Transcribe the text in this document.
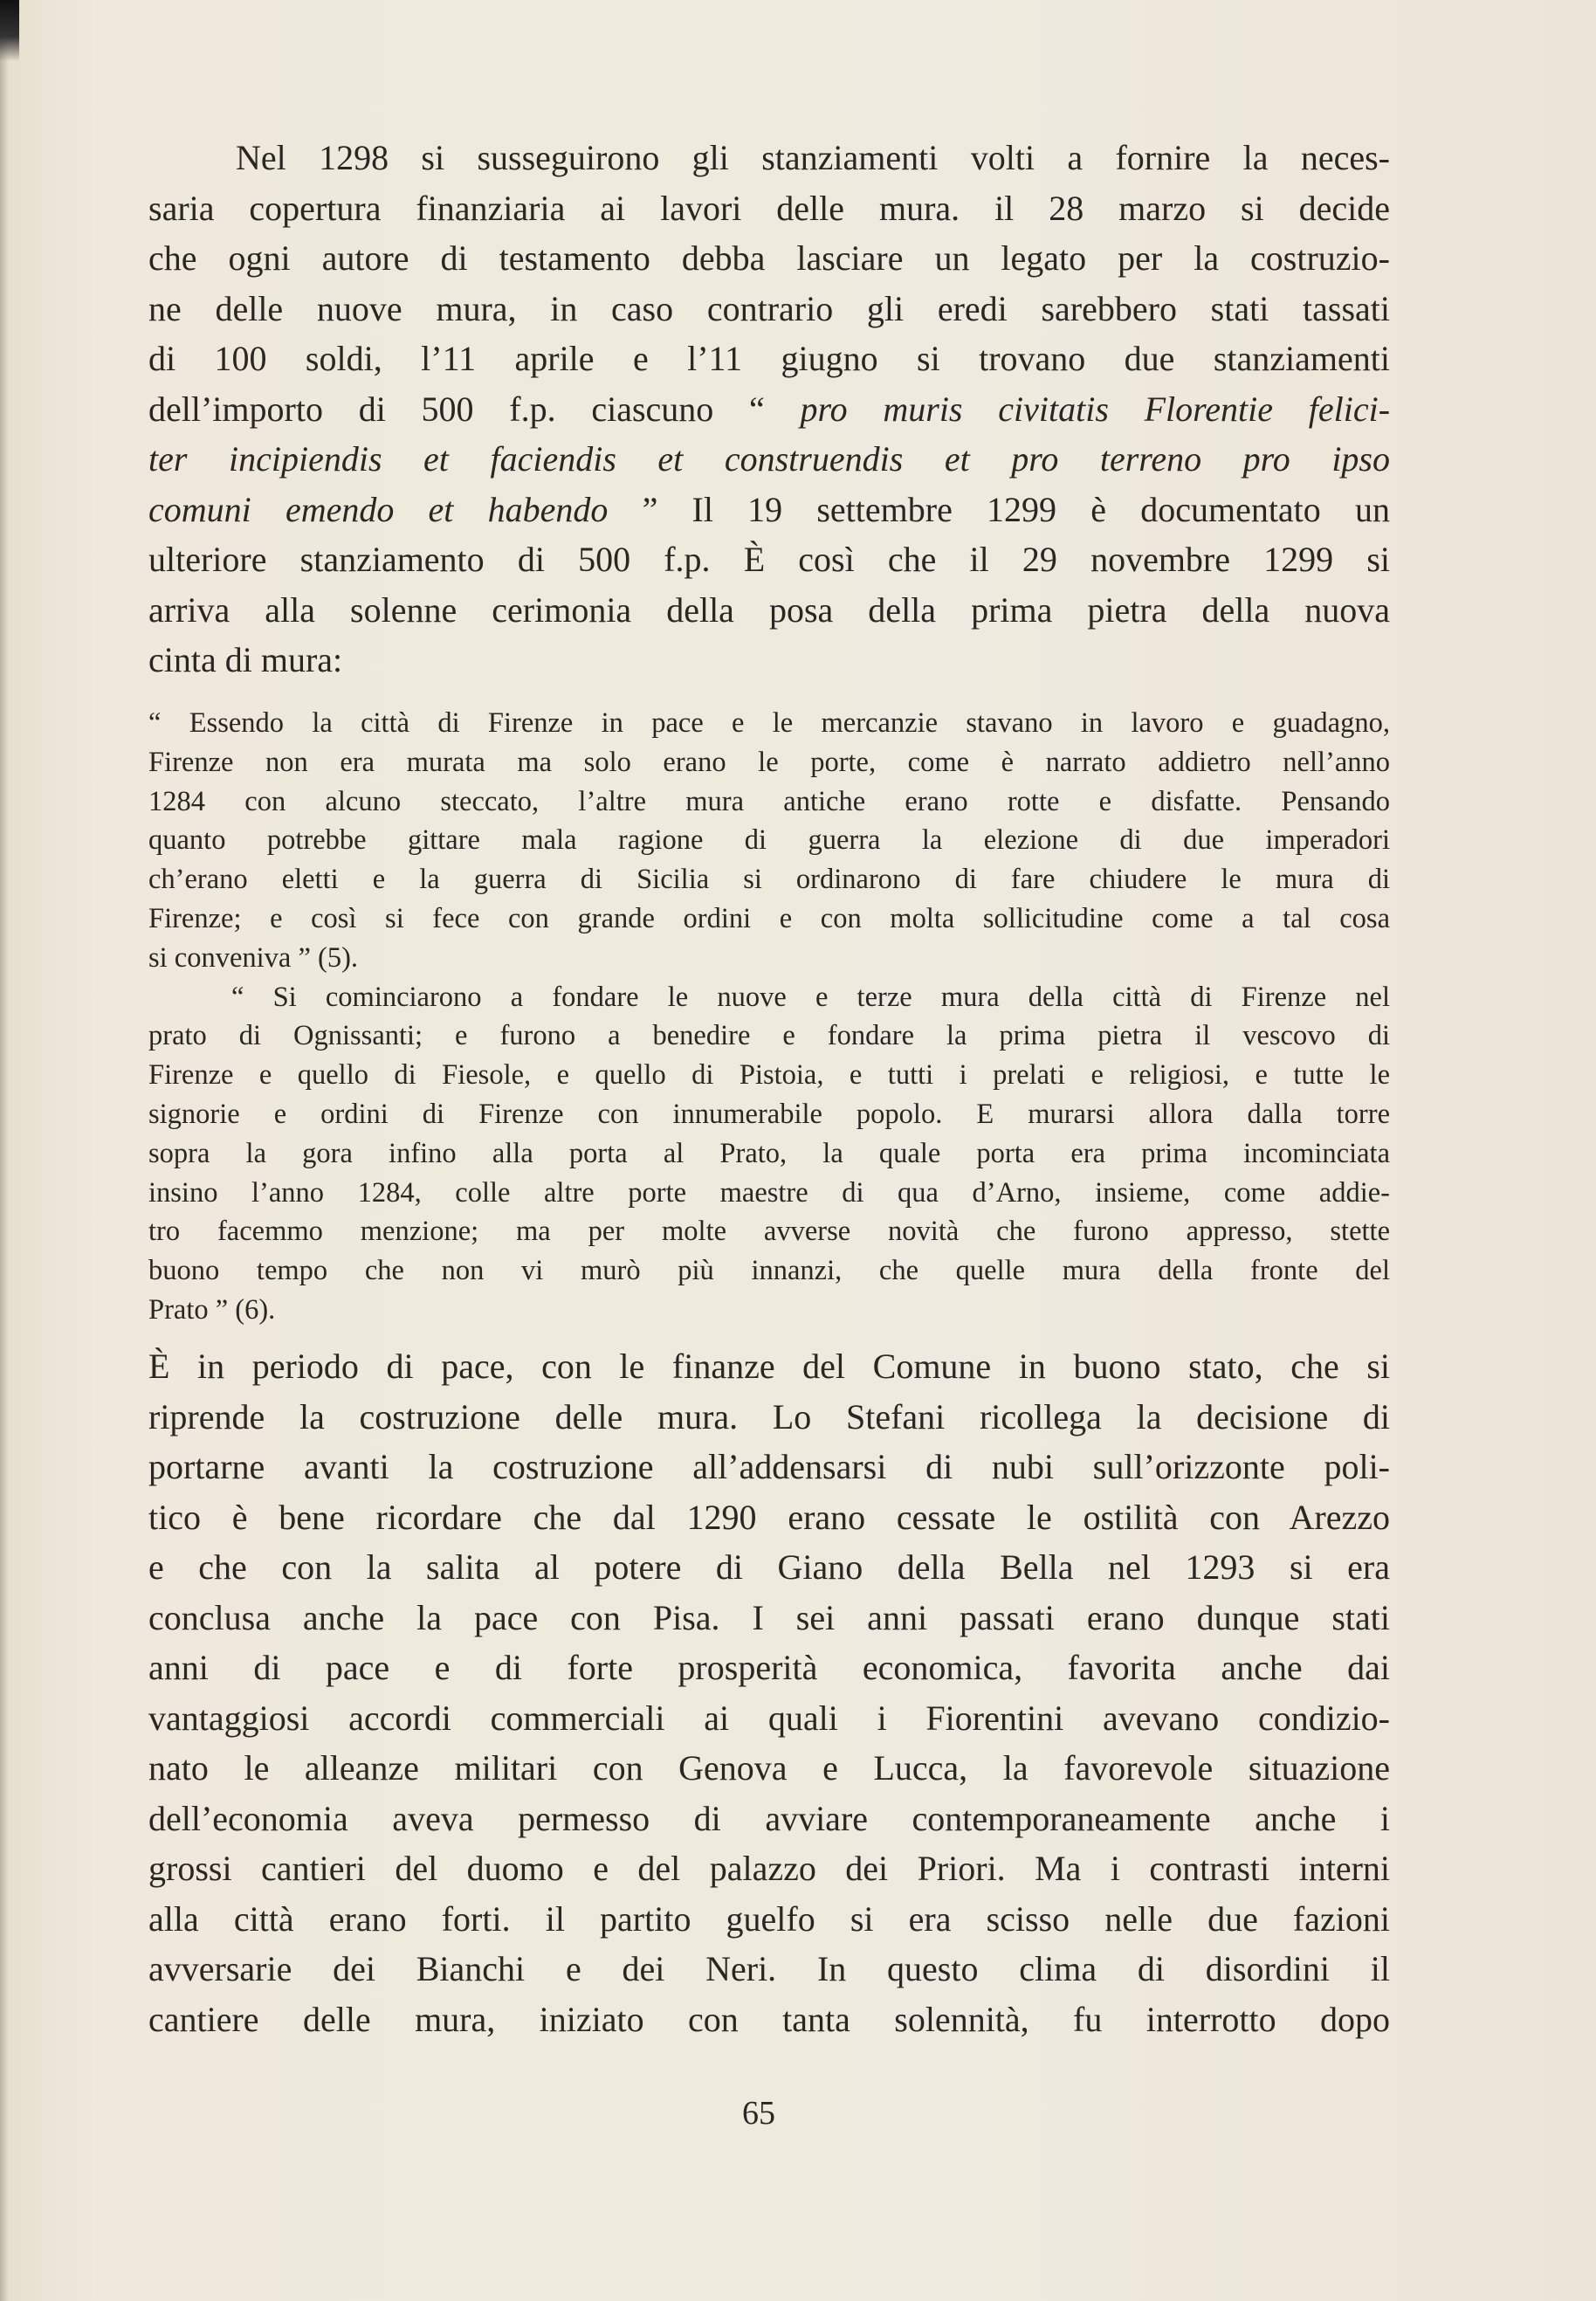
Nel 1298 si susseguirono gli stanziamenti volti a fornire la neces-
saria copertura finanziaria ai lavori delle mura. il 28 marzo si decide
che ogni autore di testamento debba lasciare un legato per la costruzio-
ne delle nuove mura, in caso contrario gli eredi sarebbero stati tassati
di 100 soldi, l’11 aprile e l’11 giugno si trovano due stanziamenti
dell’importo di 500 f.p. ciascuno “ pro muris civitatis Florentie felici-
ter incipiendis et faciendis et construendis et pro terreno pro ipso
comuni emendo et habendo ” Il 19 settembre 1299 è documentato un
ulteriore stanziamento di 500 f.p. È così che il 29 novembre 1299 si
arriva alla solenne cerimonia della posa della prima pietra della nuova
cinta di mura:
“ Essendo la città di Firenze in pace e le mercanzie stavano in lavoro e guadagno,
Firenze non era murata ma solo erano le porte, come è narrato addietro nell’anno
1284 con alcuno steccato, l’altre mura antiche erano rotte e disfatte. Pensando
quanto potrebbe gittare mala ragione di guerra la elezione di due imperadori
ch’erano eletti e la guerra di Sicilia si ordinarono di fare chiudere le mura di
Firenze; e così si fece con grande ordini e con molta sollicitudine come a tal cosa
si conveniva ” (5).
“ Si cominciarono a fondare le nuove e terze mura della città di Firenze nel
prato di Ognissanti; e furono a benedire e fondare la prima pietra il vescovo di
Firenze e quello di Fiesole, e quello di Pistoia, e tutti i prelati e religiosi, e tutte le
signorie e ordini di Firenze con innumerabile popolo. E murarsi allora dalla torre
sopra la gora infino alla porta al Prato, la quale porta era prima incominciata
insino l’anno 1284, colle altre porte maestre di qua d’Arno, insieme, come addie-
tro facemmo menzione; ma per molte avverse novità che furono appresso, stette
buono tempo che non vi murò più innanzi, che quelle mura della fronte del
Prato ” (6).
È in periodo di pace, con le finanze del Comune in buono stato, che si
riprende la costruzione delle mura. Lo Stefani ricollega la decisione di
portarne avanti la costruzione all’addensarsi di nubi sull’orizzonte poli-
tico è bene ricordare che dal 1290 erano cessate le ostilità con Arezzo
e che con la salita al potere di Giano della Bella nel 1293 si era
conclusa anche la pace con Pisa. I sei anni passati erano dunque stati
anni di pace e di forte prosperità economica, favorita anche dai
vantaggiosi accordi commerciali ai quali i Fiorentini avevano condizio-
nato le alleanze militari con Genova e Lucca, la favorevole situazione
dell’economia aveva permesso di avviare contemporaneamente anche i
grossi cantieri del duomo e del palazzo dei Priori. Ma i contrasti interni
alla città erano forti. il partito guelfo si era scisso nelle due fazioni
avversarie dei Bianchi e dei Neri. In questo clima di disordini il
cantiere delle mura, iniziato con tanta solennità, fu interrotto dopo
65
